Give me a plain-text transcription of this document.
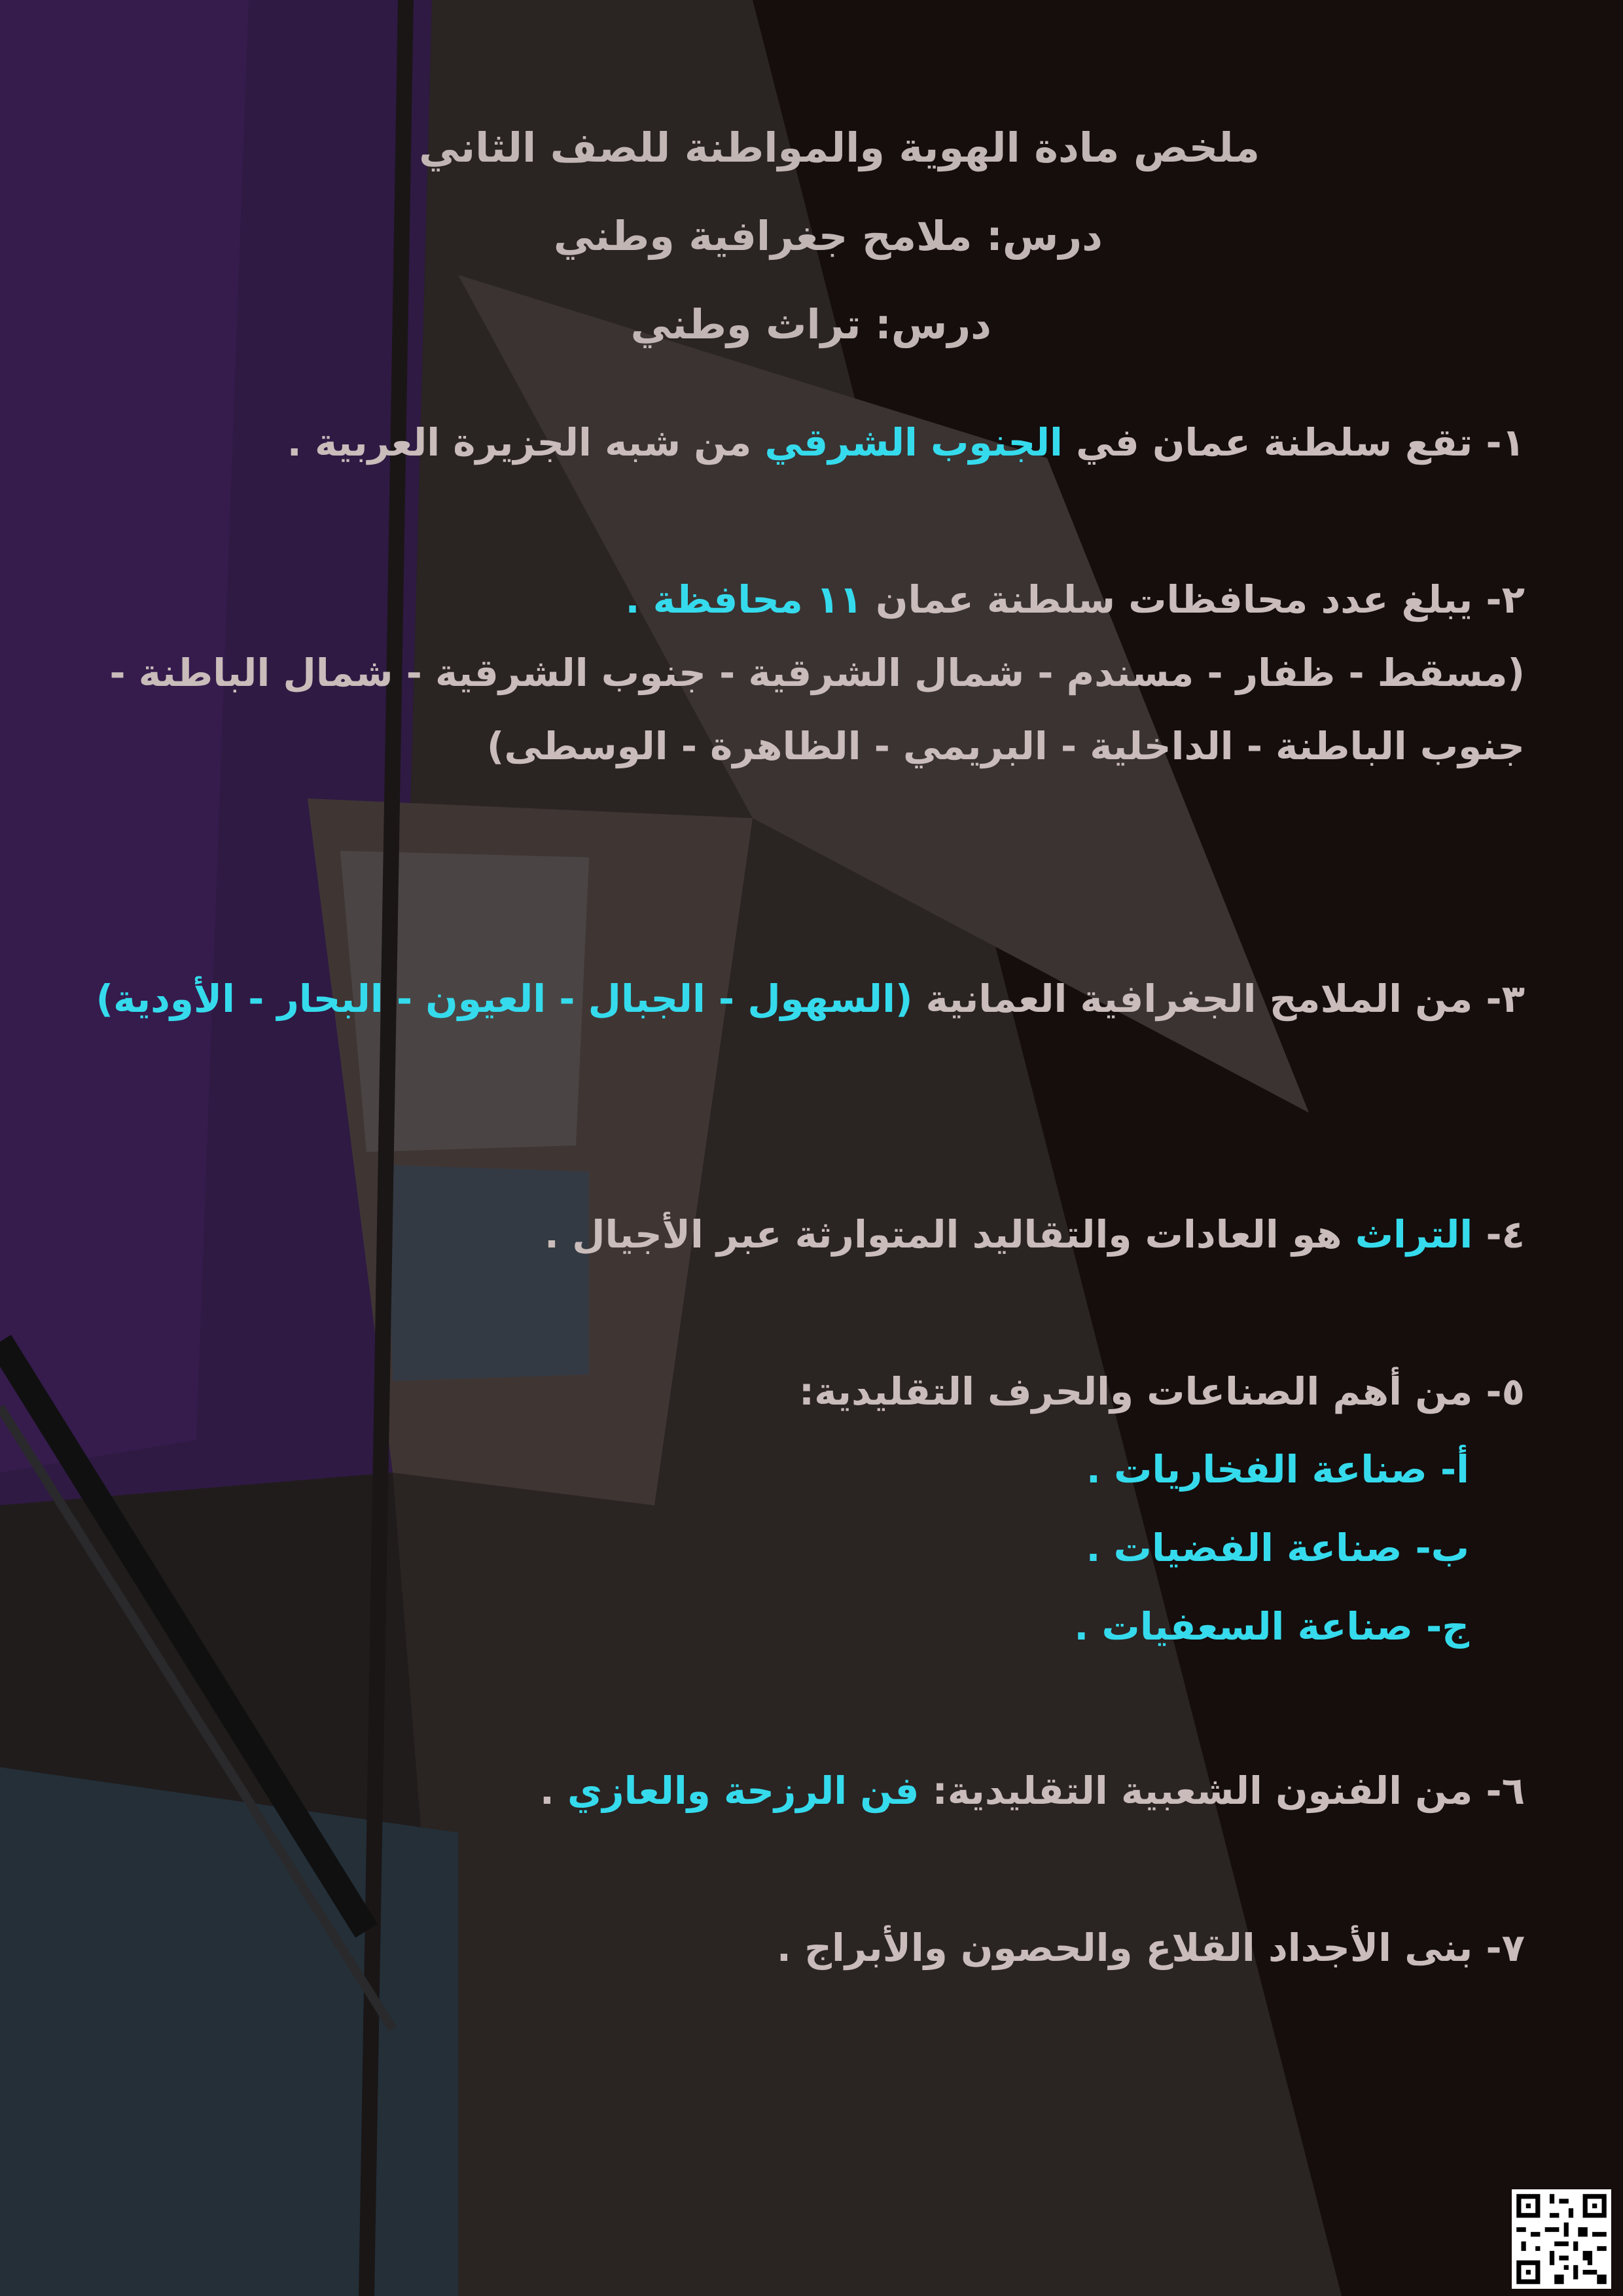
ملخص مادة الهوية والمواطنة للصف الثاني
درس: ملامح جغرافية وطني
درس: تراث وطني
١- تقع سلطنة عمان في الجنوب الشرقي من شبه الجزيرة العربية .
٢- يبلغ عدد محافظات سلطنة عمان ١١ محافظة .
(مسقط - ظفار - مسندم - شمال الشرقية - جنوب الشرقية - شمال الباطنة - جنوب الباطنة - الداخلية - البريمي - الظاهرة - الوسطى)
٣- من الملامح الجغرافية العمانية (السهول - الجبال - العيون - البحار - الأودية)
٤- التراث هو العادات والتقاليد المتوارثة عبر الأجيال .
٥- من أهم الصناعات والحرف التقليدية:
أ- صناعة الفخاريات .
ب- صناعة الفضيات .
ج- صناعة السعفيات .
٦- من الفنون الشعبية التقليدية: فن الرزحة والعازي .
٧- بنى الأجداد القلاع والحصون والأبراج .
